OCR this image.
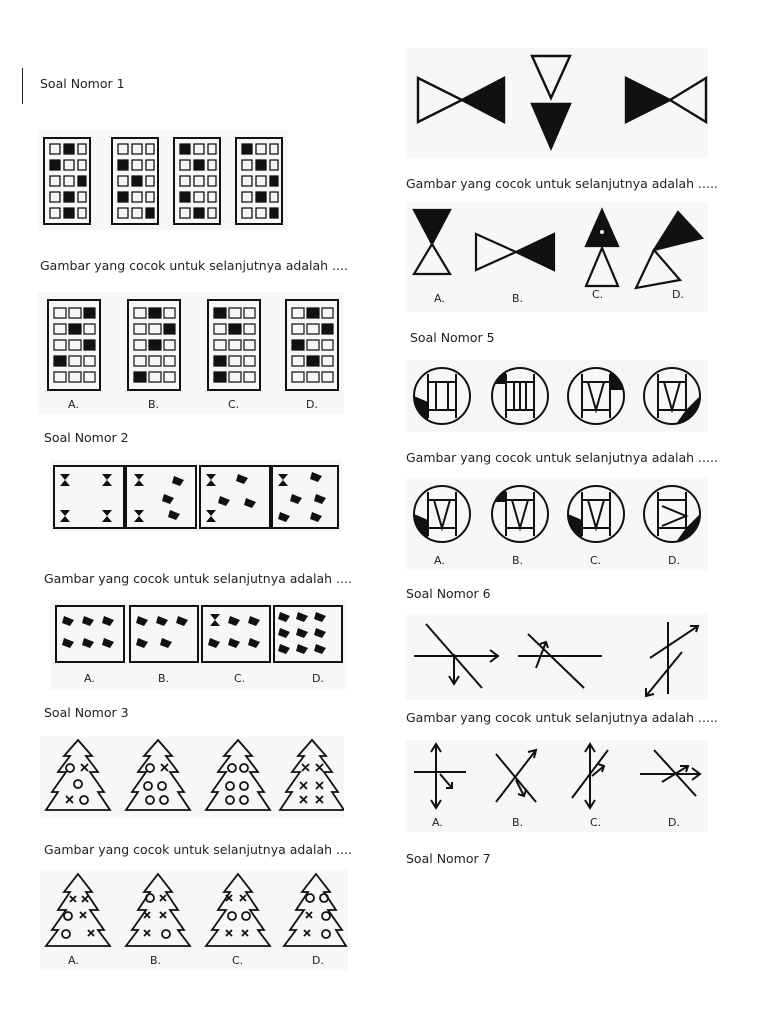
Soal Nomor 1
Gambar yang cocok untuk selanjutnya adalah ....
Soal Nomor 2
Gambar yang cocok untuk selanjutnya adalah ....
Soal Nomor 3
Gambar yang cocok untuk selanjutnya adalah ....
Gambar yang cocok untuk selanjutnya adalah .....
Soal Nomor 5
Gambar yang cocok untuk selanjutnya adalah .....
Soal Nomor 6
Gambar yang cocok untuk selanjutnya adalah .....
Soal Nomor 7
A.	B.	C.	D.
A.	B.	C.	D.
A.	B.	C.	D.
A.	B.	C.	D.
A.	B.	C.	D.
A.	B.	C.	D.
